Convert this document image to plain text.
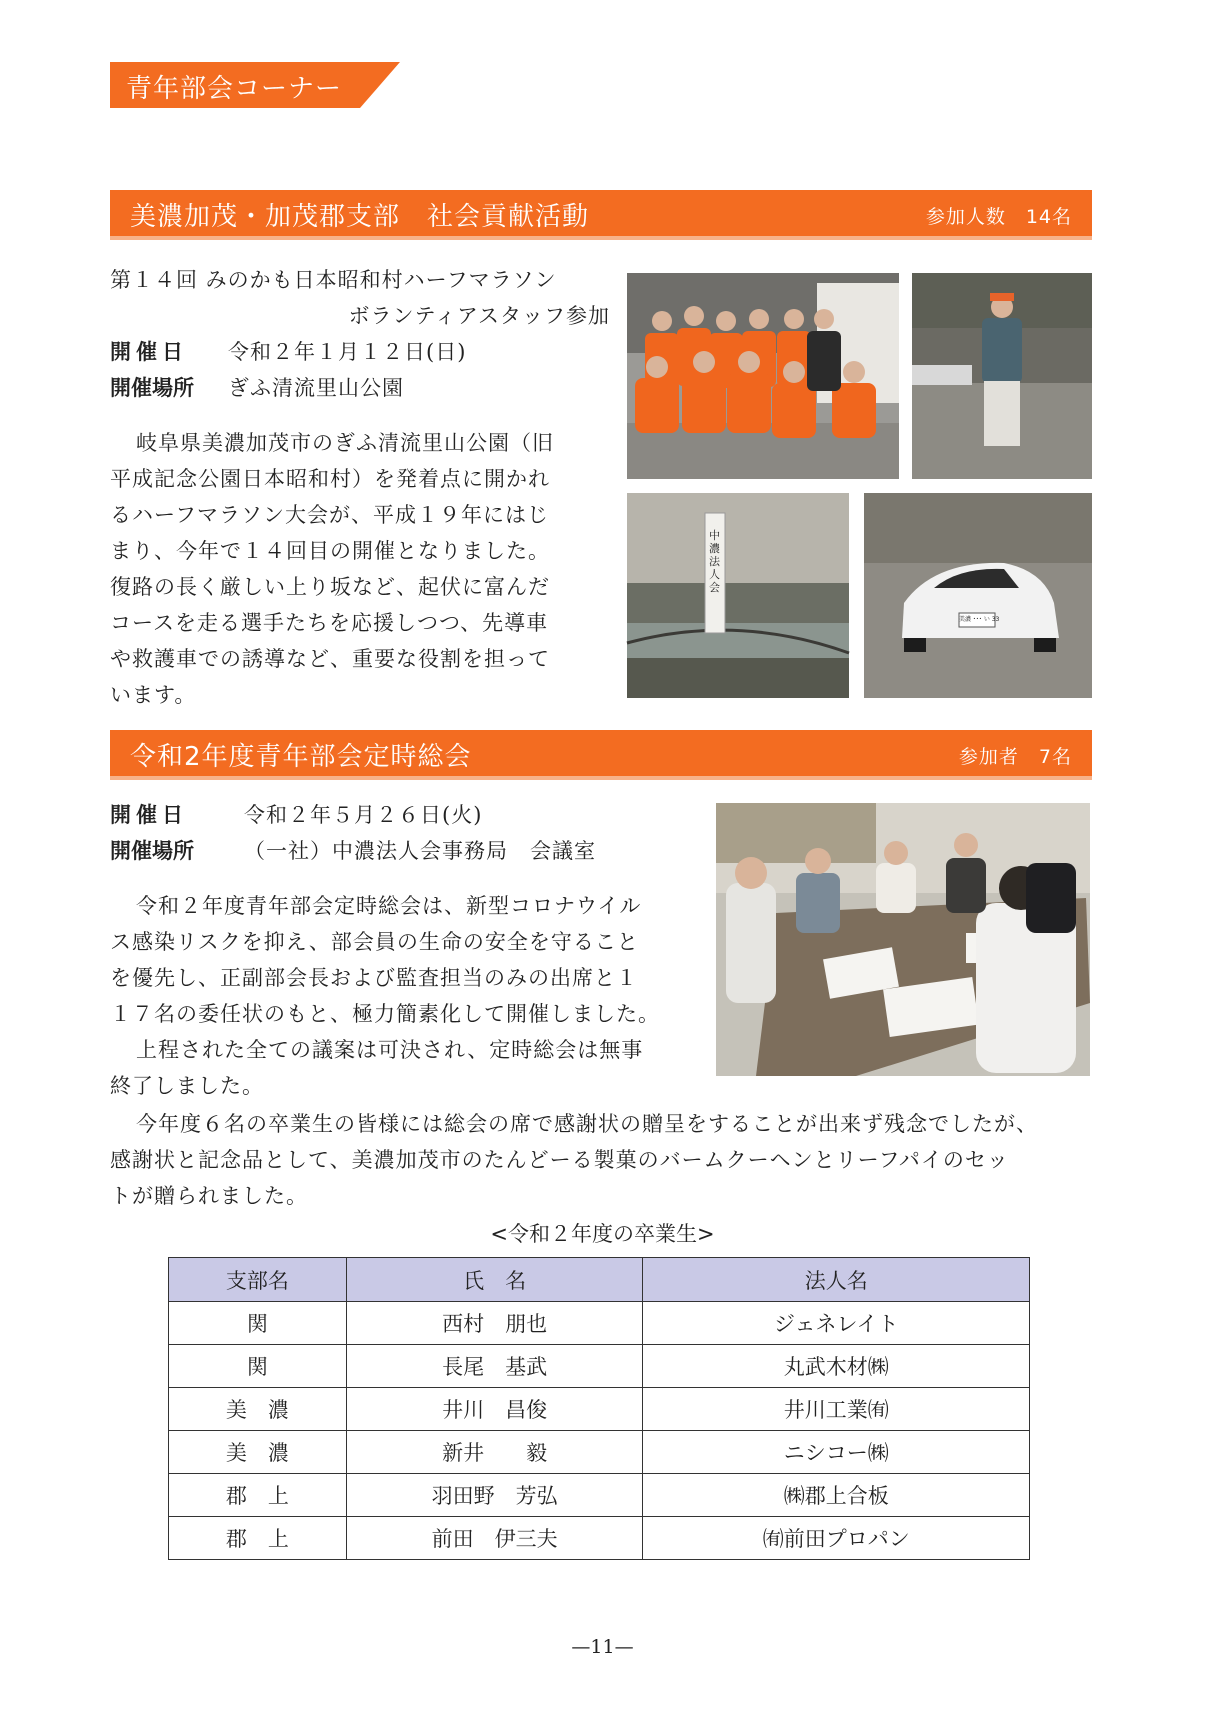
青年部会コーナー
美濃加茂・加茂郡支部　社会貢献活動	参加人数　14名
第１４回 みのかも日本昭和村ハーフマラソン
ボランティアスタッフ参加
開催日 令和２年１月１２日(日)
開催場所 ぎふ清流里山公園
岐阜県美濃加茂市のぎふ清流里山公園（旧
平成記念公園日本昭和村）を発着点に開かれ
るハーフマラソン大会が、平成１９年にはじ
まり、今年で１４回目の開催となりました。
復路の長く厳しい上り坂など、起伏に富んだ
コースを走る選手たちを応援しつつ、先導車
や救護車での誘導など、重要な役割を担って
います。
中濃法人会
美濃 ･･･ い 33
令和2年度青年部会定時総会	参加者　7名
開催日	令和２年５月２６日(火)
開催場所 （一社）中濃法人会事務局　会議室
令和２年度青年部会定時総会は、新型コロナウイル
ス感染リスクを抑え、部会員の生命の安全を守ること
を優先し、正副部会長および監査担当のみの出席と１
１７名の委任状のもと、極力簡素化して開催しました。
上程された全ての議案は可決され、定時総会は無事
終了しました。
今年度６名の卒業生の皆様には総会の席で感謝状の贈呈をすることが出来ず残念でしたが、
感謝状と記念品として、美濃加茂市のたんどーる製菓のバームクーヘンとリーフパイのセッ
トが贈られました。
<令和２年度の卒業生>
支部名	氏　名	法人名
関	西村　朋也	ジェネレイト
関	長尾　基武	丸武木材㈱
美　濃	井川　昌俊	井川工業㈲
美　濃	新井　　毅	ニシコー㈱
郡　上	羽田野　芳弘	㈱郡上合板
郡　上	前田　伊三夫	㈲前田プロパン
—11—
